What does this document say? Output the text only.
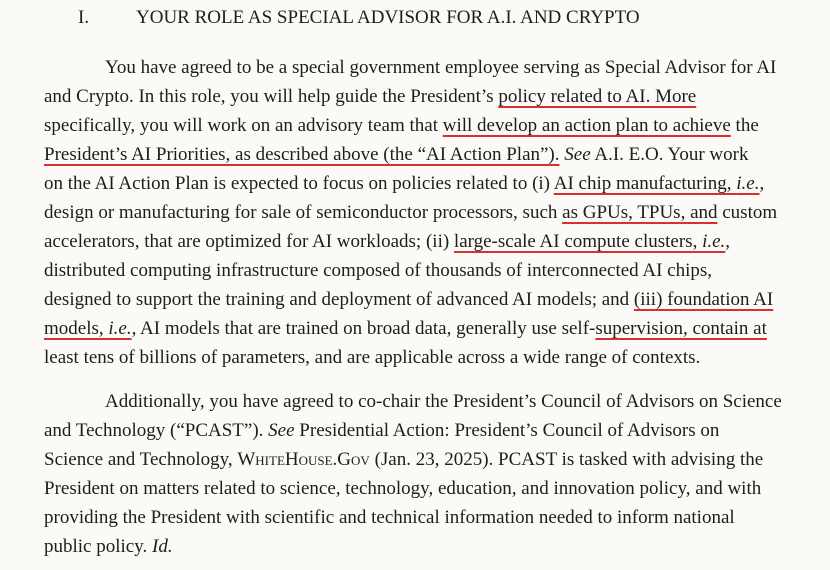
I. YOUR ROLE AS SPECIAL ADVISOR FOR A.I. AND CRYPTO
You have agreed to be a special government employee serving as Special Advisor for AI
and Crypto. In this role, you will help guide the President’s policy related to AI. More
specifically, you will work on an advisory team that will develop an action plan to achieve the
President’s AI Priorities, as described above (the “AI Action Plan”). See A.I. E.O. Your work
on the AI Action Plan is expected to focus on policies related to (i) AI chip manufacturing, i.e.,
design or manufacturing for sale of semiconductor processors, such as GPUs, TPUs, and custom
accelerators, that are optimized for AI workloads; (ii) large-scale AI compute clusters, i.e.,
distributed computing infrastructure composed of thousands of interconnected AI chips,
designed to support the training and deployment of advanced AI models; and (iii) foundation AI
models, i.e., AI models that are trained on broad data, generally use self-supervision, contain at
least tens of billions of parameters, and are applicable across a wide range of contexts.
Additionally, you have agreed to co-chair the President’s Council of Advisors on Science
and Technology (“PCAST”). See Presidential Action: President’s Council of Advisors on
Science and Technology, WhiteHouse.Gov (Jan. 23, 2025). PCAST is tasked with advising the
President on matters related to science, technology, education, and innovation policy, and with
providing the President with scientific and technical information needed to inform national
public policy. Id.
